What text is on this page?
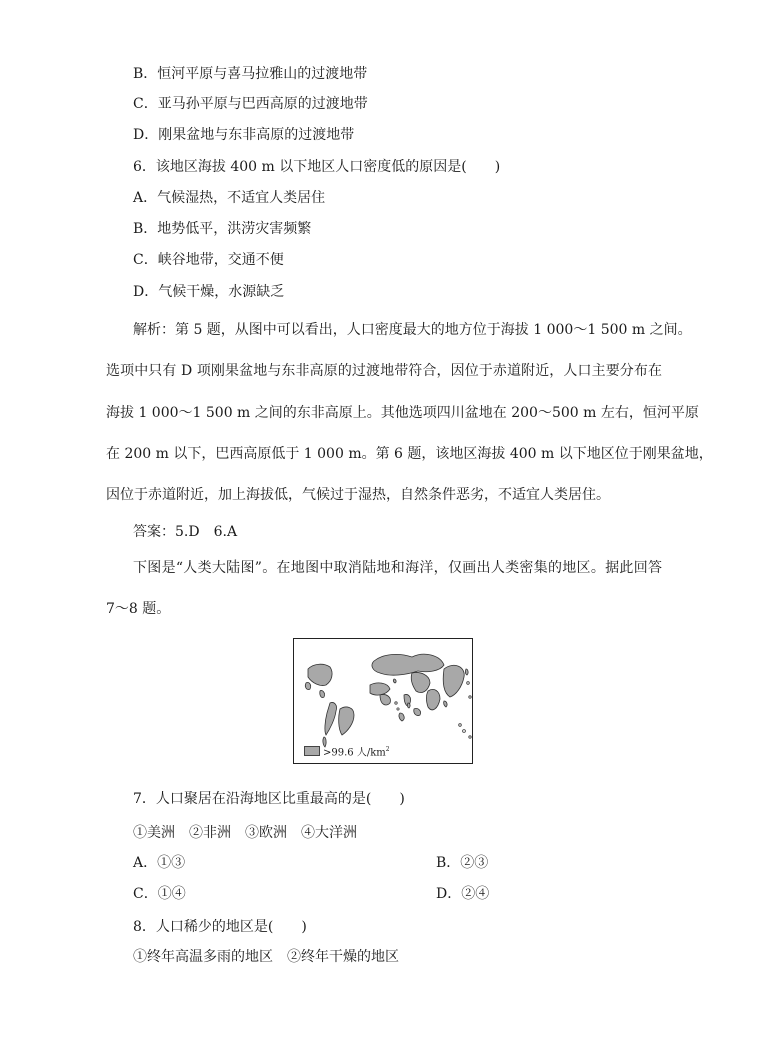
B．恒河平原与喜马拉雅山的过渡地带
C．亚马孙平原与巴西高原的过渡地带
D．刚果盆地与东非高原的过渡地带
6．该地区海拔 400 m 以下地区人口密度低的原因是(　　)
A．气候湿热，不适宜人类居住
B．地势低平，洪涝灾害频繁
C．峡谷地带，交通不便
D．气候干燥，水源缺乏
解析：第 5 题，从图中可以看出，人口密度最大的地方位于海拔 1 000～1 500 m 之间。
选项中只有 D 项刚果盆地与东非高原的过渡地带符合，因位于赤道附近，人口主要分布在
海拔 1 000～1 500 m 之间的东非高原上。其他选项四川盆地在 200～500 m 左右，恒河平原
在 200 m 以下，巴西高原低于 1 000 m。第 6 题，该地区海拔 400 m 以下地区位于刚果盆地，
因位于赤道附近，加上海拔低，气候过于湿热，自然条件恶劣，不适宜人类居住。
答案：5.D　6.A
下图是“人类大陆图”。在地图中取消陆地和海洋，仅画出人类密集的地区。据此回答
7～8 题。
>99.6 人$/km^2$
7．人口聚居在沿海地区比重最高的是(　　)
①美洲　②非洲　③欧洲　④大洋洲
A．①③	B．②③
C．①④	D．②④
8．人口稀少的地区是(　　)
①终年高温多雨的地区　②终年干燥的地区
